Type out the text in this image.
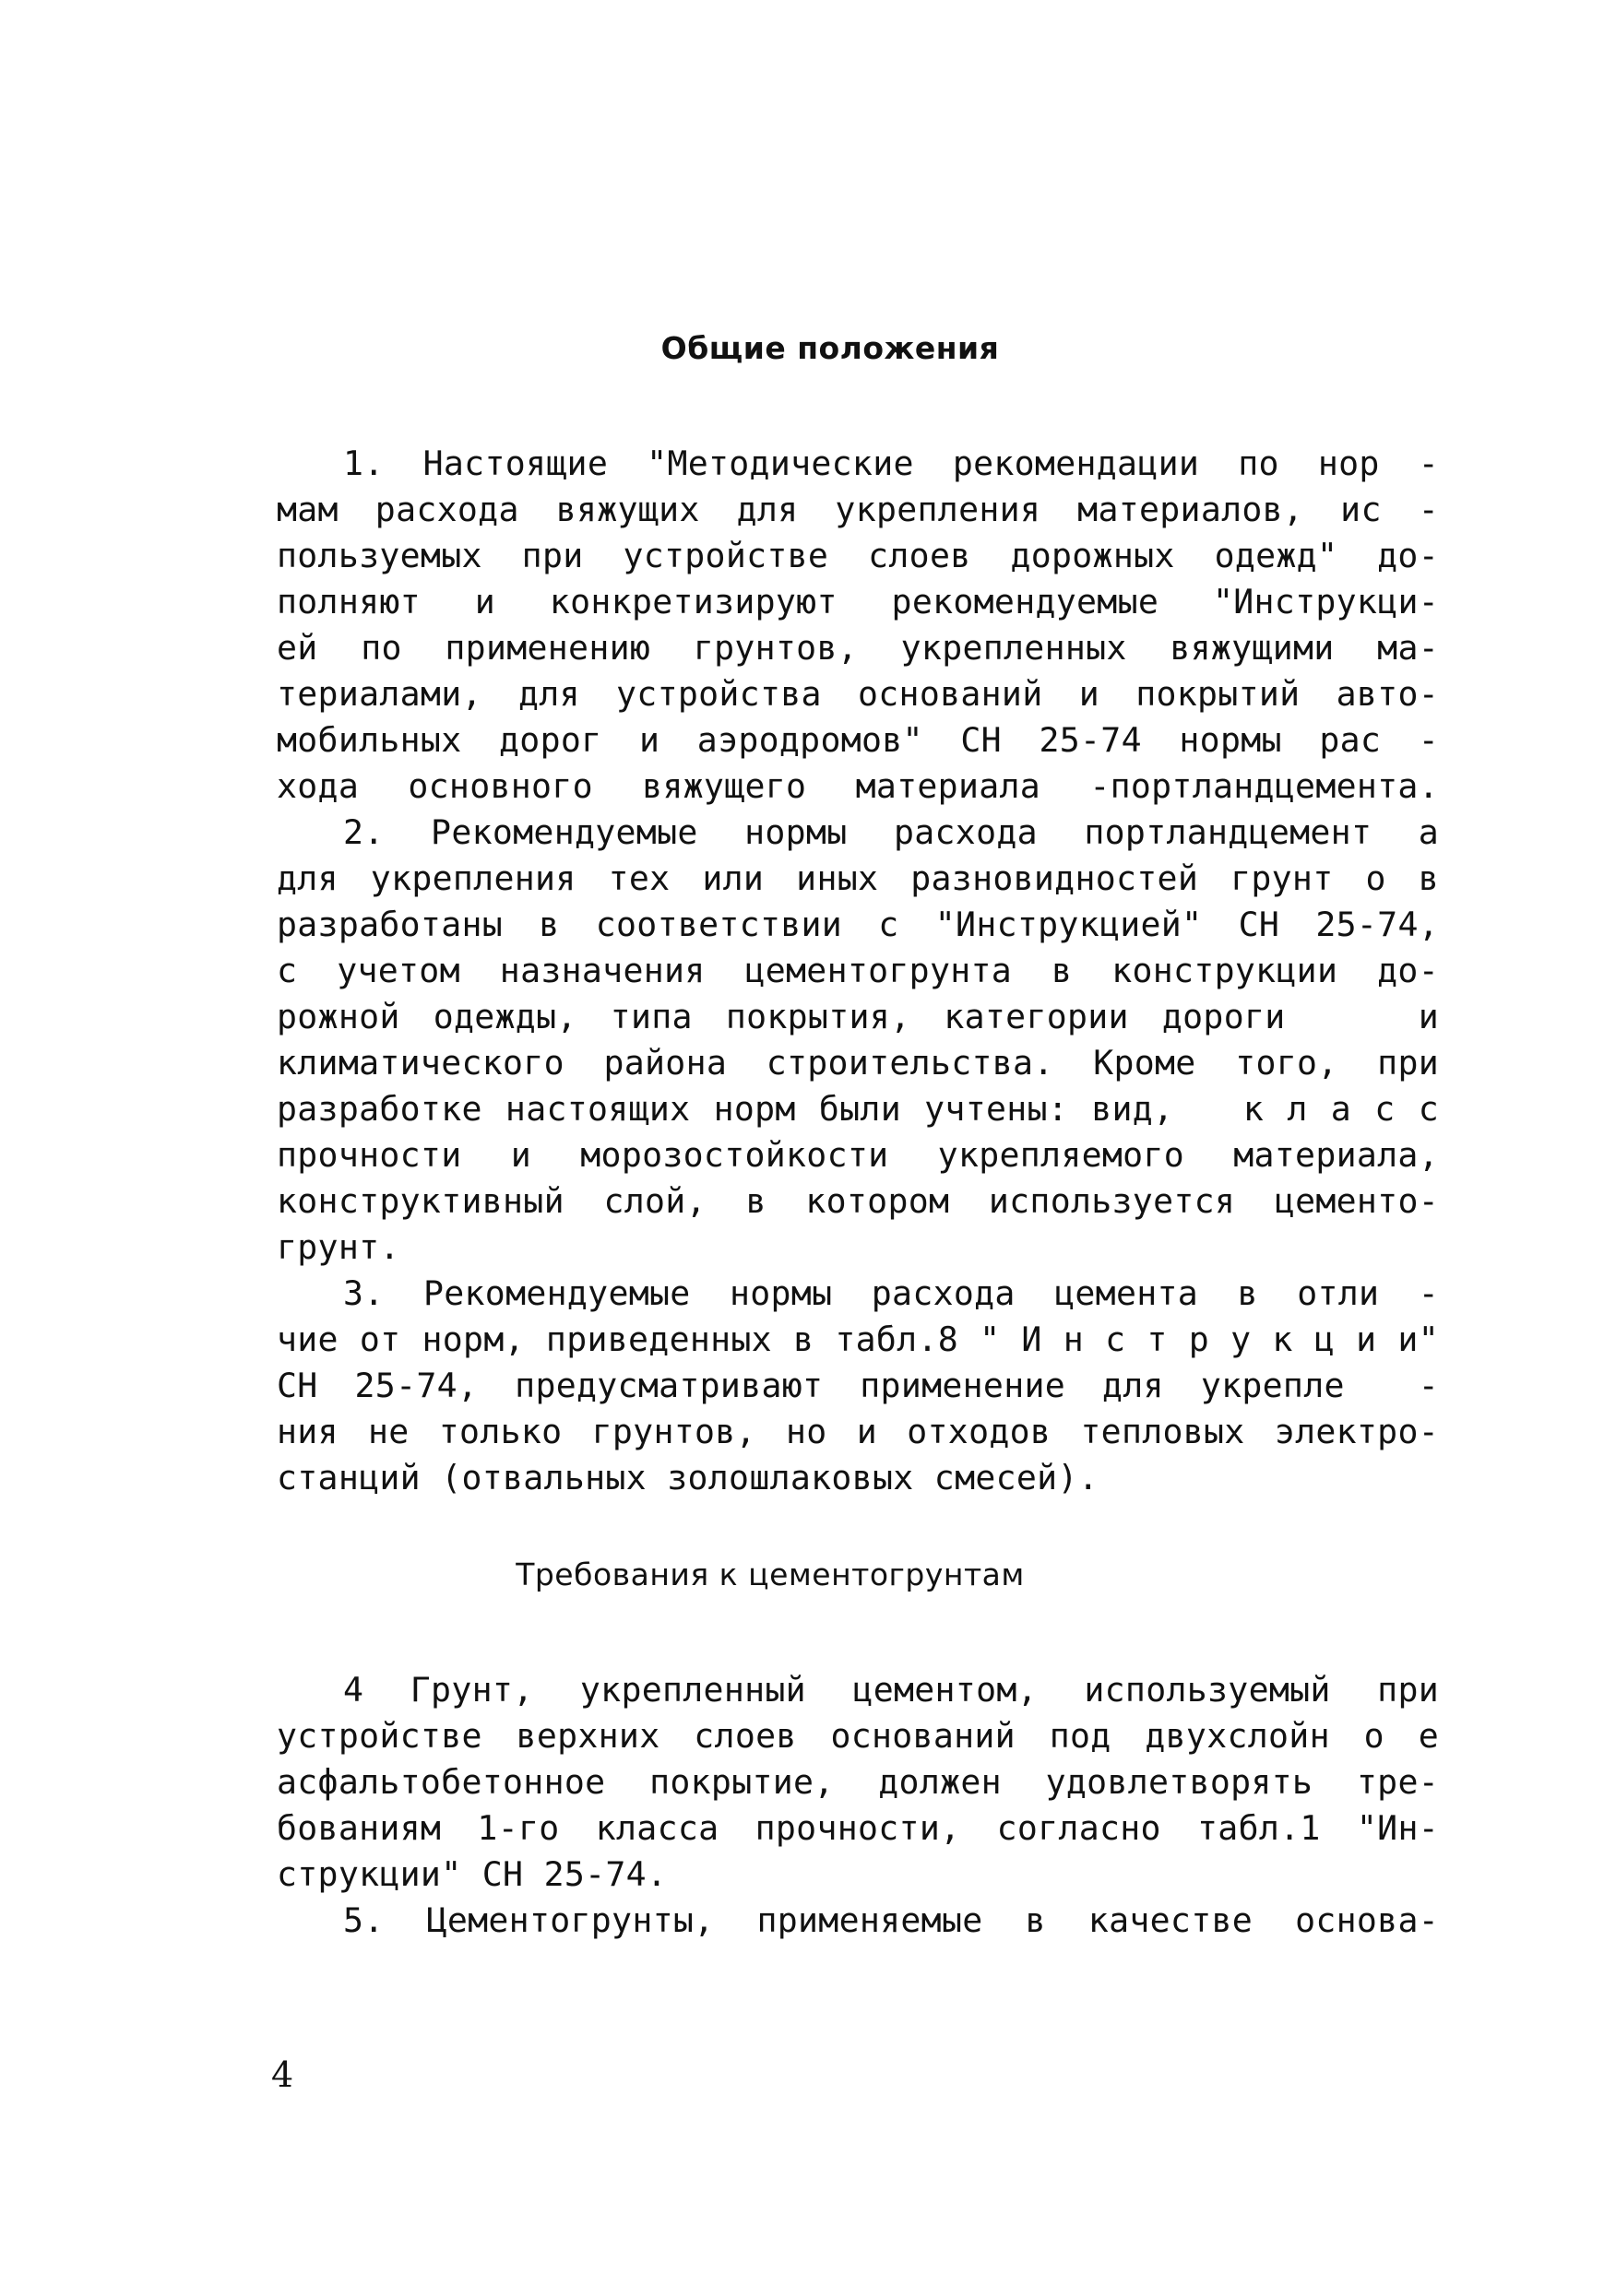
Общие положения
1. Настоящие "Методические рекомендации по нор -
мам расхода вяжущих для укрепления материалов, ис -
пользуемых при устройстве слоев дорожных одежд" до-
полняют и конкретизируют рекомендуемые "Инструкци-
ей по применению грунтов, укрепленных вяжущими ма-
териалами, для устройства оснований и покрытий авто-
мобильных дорог и аэродромов" СН 25-74 нормы рас -
хода основного вяжущего материала -портландцемента.
2. Рекомендуемые нормы расхода портландцемент а
для укрепления тех или иных разновидностей грунт о в
разработаны в соответствии с "Инструкцией" СН 25-74,
с учетом назначения цементогрунта в конструкции до-
рожной одежды, типа покрытия, категории дороги    и
климатического района строительства. Кроме того, при
разработке настоящих норм были учтены: вид,   к л а с с
прочности и морозостойкости укрепляемого материала,
конструктивный слой, в котором используется цементо-
грунт.
3. Рекомендуемые нормы расхода цемента в отли -
чие от норм, приведенных в табл.8 " И н с т р у к ц и и"
СН 25-74, предусматривают применение для укрепле  -
ния не только грунтов, но и отходов тепловых электро-
станций (отвальных золошлаковых смесей).
Требования к цементогрунтам
4 Грунт, укрепленный цементом, используемый при
устройстве верхних слоев оснований под двухслойн о е
асфальтобетонное покрытие, должен удовлетворять тре-
бованиям 1-го класса прочности, согласно табл.1 "Ин-
струкции" СН 25-74.
5. Цементогрунты, применяемые в качестве основа-
4
